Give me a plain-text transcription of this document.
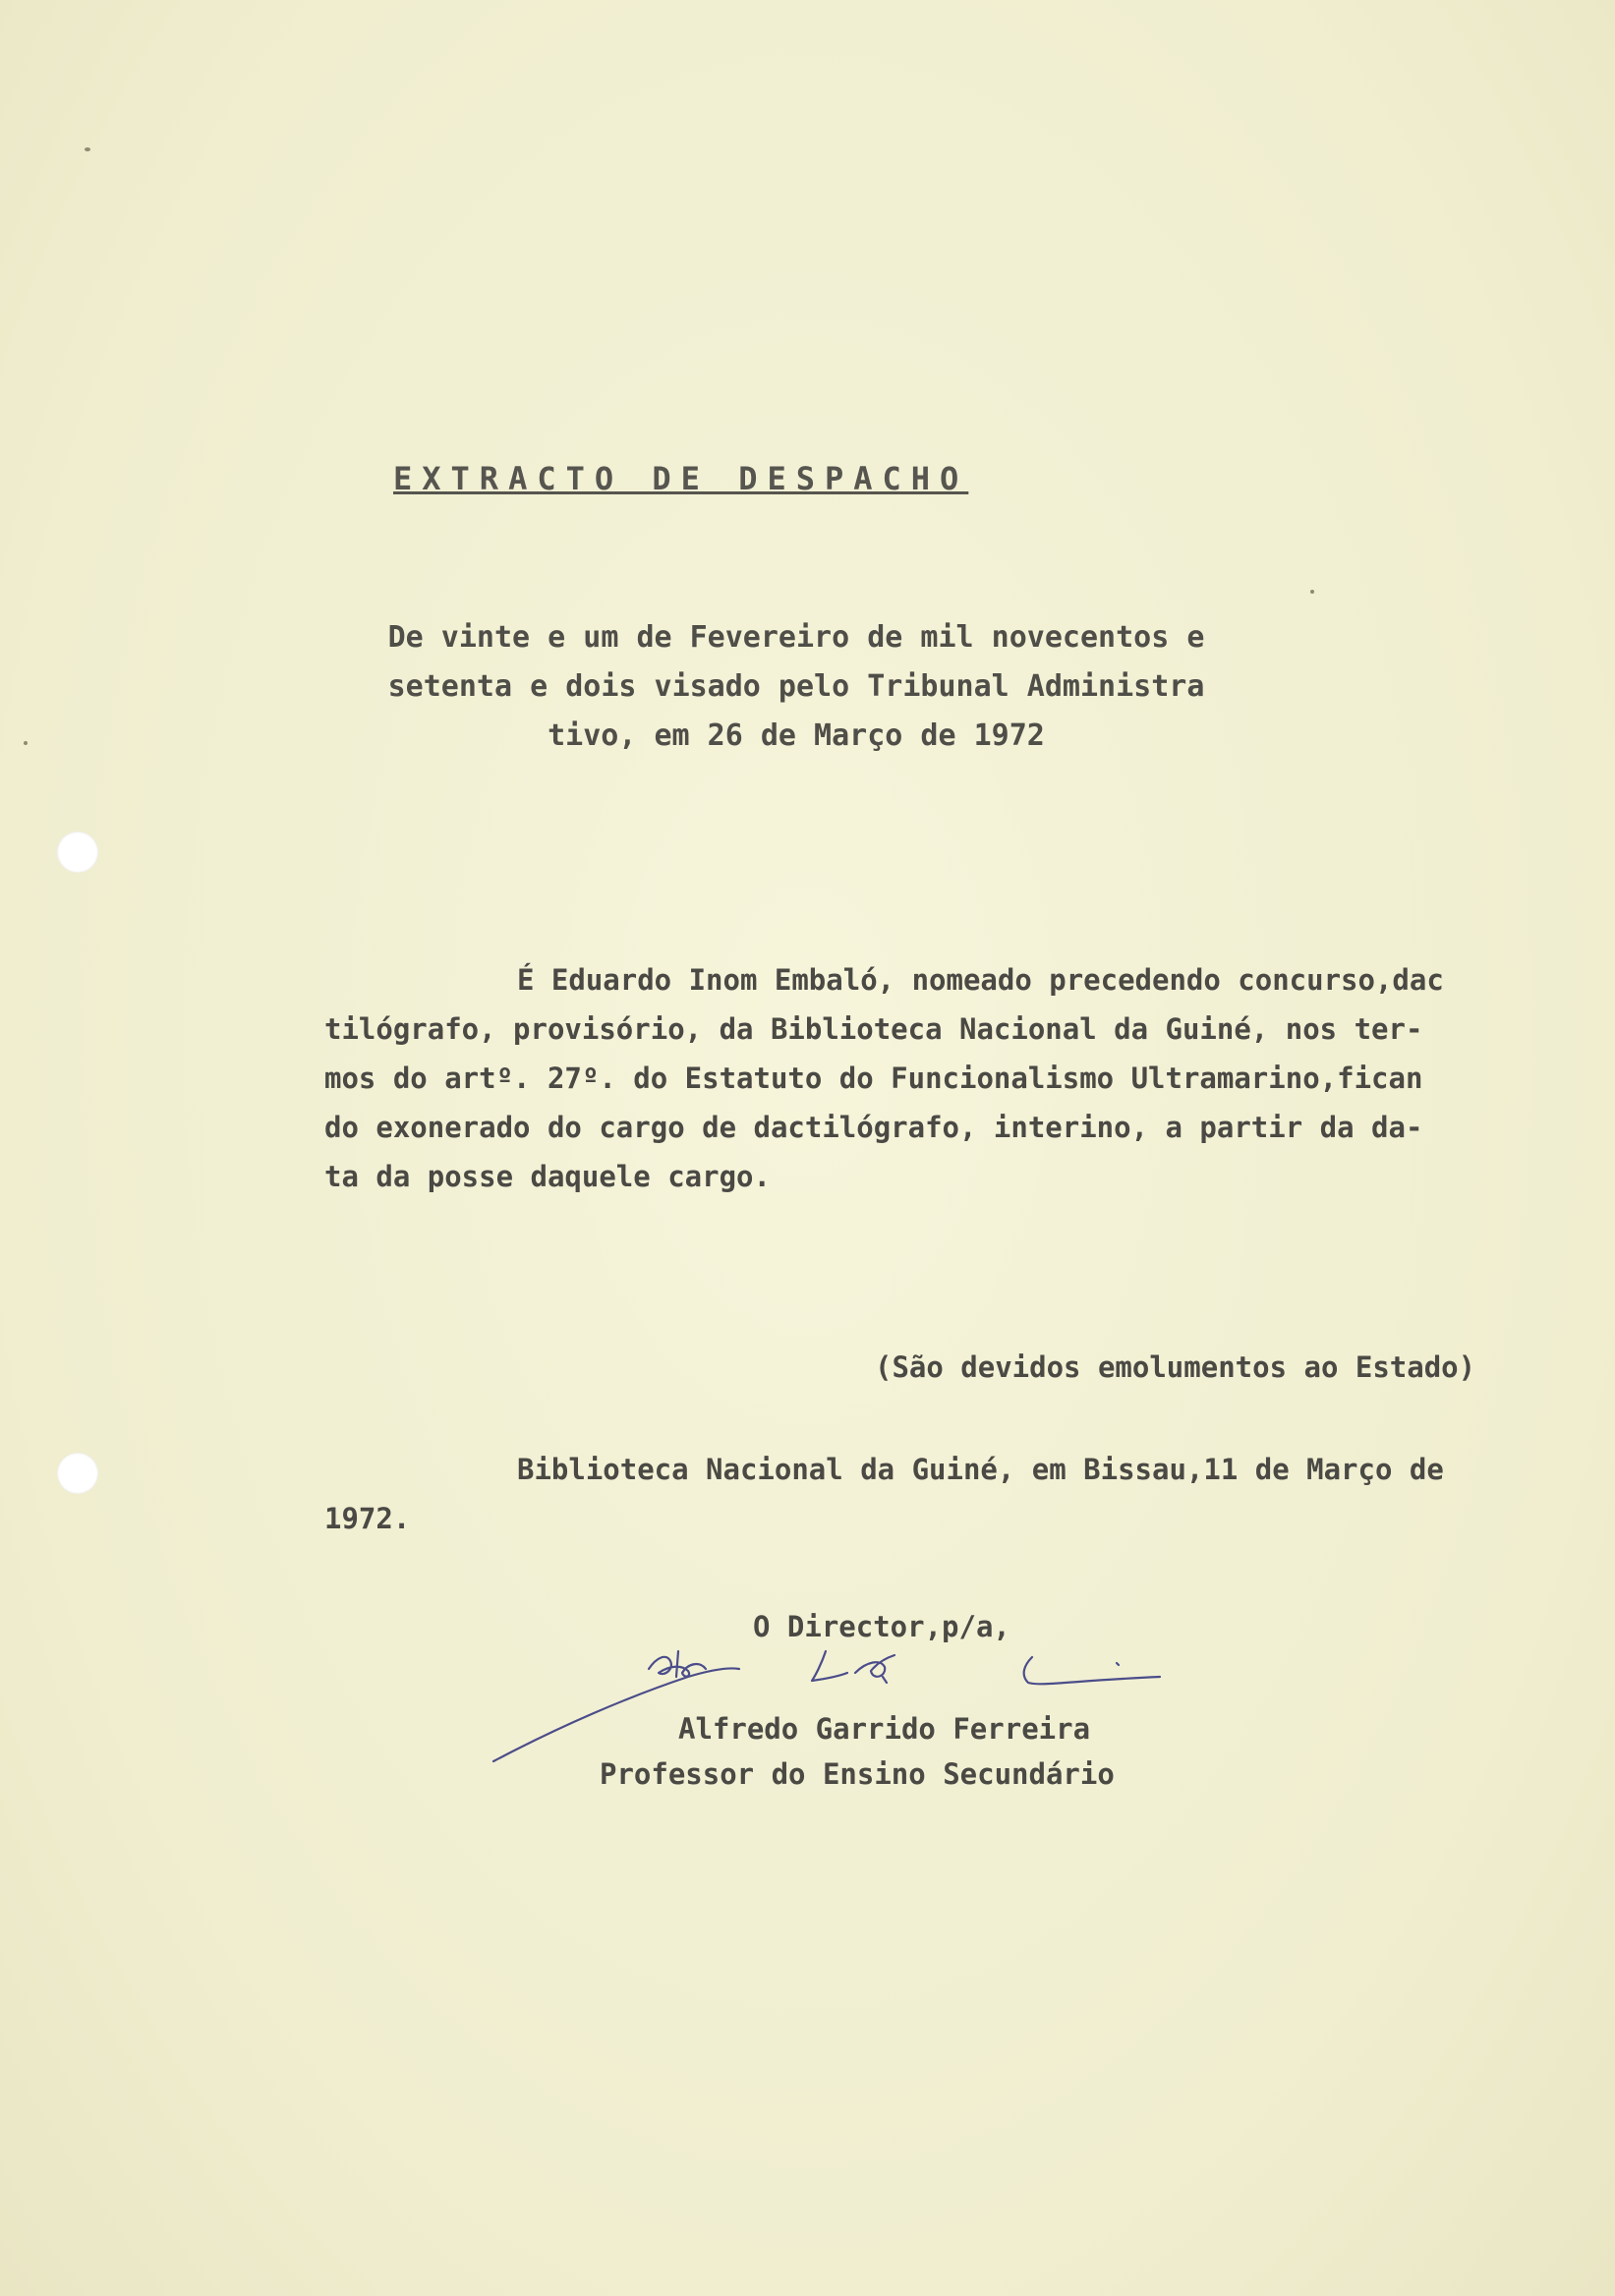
EXTRACTO DE DESPACHO
De vinte e um de Fevereiro de mil novecentos e
setenta e dois visado pelo Tribunal Administra
tivo, em 26 de Março de 1972
É Eduardo Inom Embaló, nomeado precedendo concurso,dac
tilógrafo, provisório, da Biblioteca Nacional da Guiné, nos ter-
mos do artº. 27º. do Estatuto do Funcionalismo Ultramarino,fican
do exonerado do cargo de dactilógrafo, interino, a partir da da-
ta da posse daquele cargo.
(São devidos emolumentos ao Estado)
Biblioteca Nacional da Guiné, em Bissau,11 de Março de
1972.
O Director,p/a,
Alfredo Garrido Ferreira
Professor do Ensino Secundário
